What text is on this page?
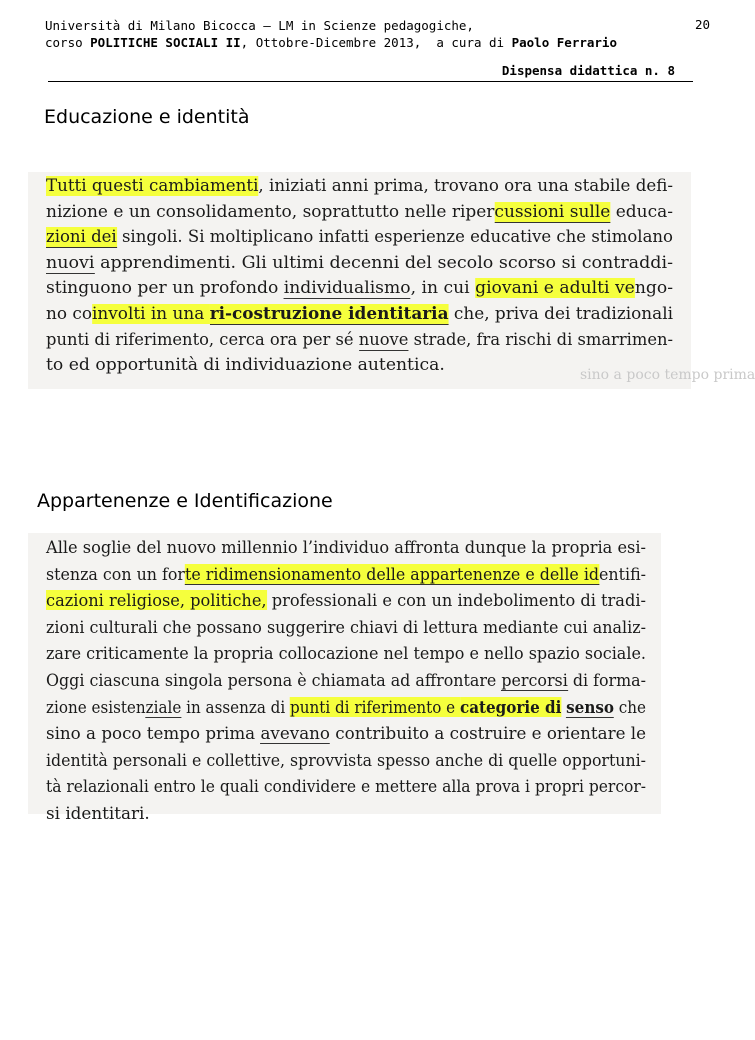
Università di Milano Bicocca – LM in Scienze pedagogiche,
corso POLITICHE SOCIALI II, Ottobre-Dicembre 2013,  a cura di Paolo Ferrario
20
Dispensa didattica n. 8
Educazione e identità
sino a poco tempo prima
Tutti questi cambiamenti, iniziati anni prima, trovano ora una stabile defi-
nizione e un consolidamento, soprattutto nelle ripercussioni sulle educa-
zioni dei singoli. Si moltiplicano infatti esperienze educative che stimolano
nuovi apprendimenti. Gli ultimi decenni del secolo scorso si contraddi-
stinguono per un profondo individualismo, in cui giovani e adulti vengo-
no coinvolti in una ri-costruzione identitaria che, priva dei tradizionali
punti di riferimento, cerca ora per sé nuove strade, fra rischi di smarrimen-
to ed opportunità di individuazione autentica.
Appartenenze e Identificazione
Alle soglie del nuovo millennio l’individuo affronta dunque la propria esi-
stenza con un forte ridimensionamento delle appartenenze e delle identifi-
cazioni religiose, politiche, professionali e con un indebolimento di tradi-
zioni culturali che possano suggerire chiavi di lettura mediante cui analiz-
zare criticamente la propria collocazione nel tempo e nello spazio sociale.
Oggi ciascuna singola persona è chiamata ad affrontare percorsi di forma-
zione esistenziale in assenza di punti di riferimento e categorie di senso che
sino a poco tempo prima avevano contribuito a costruire e orientare le
identità personali e collettive, sprovvista spesso anche di quelle opportuni-
tà relazionali entro le quali condividere e mettere alla prova i propri percor-
si identitari.
